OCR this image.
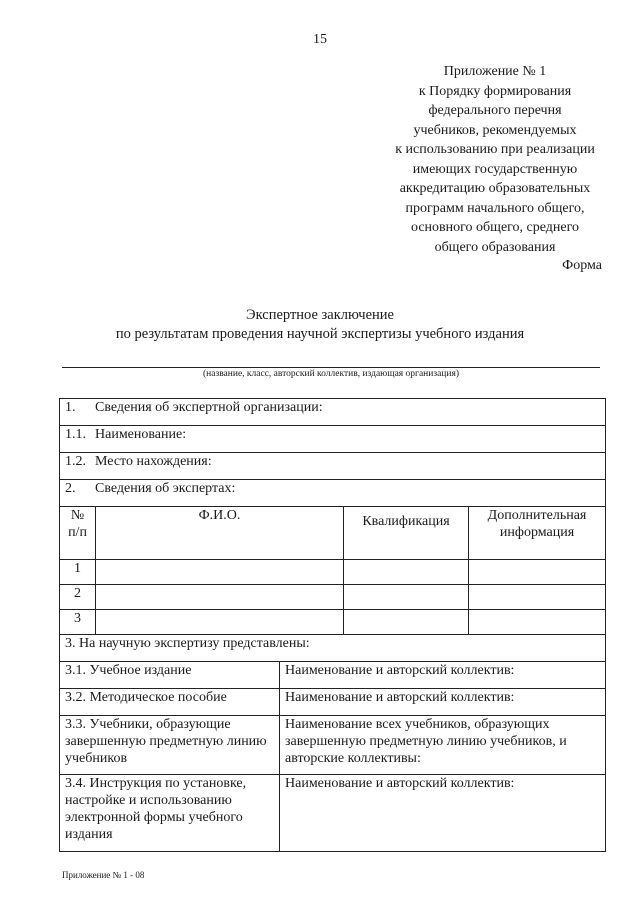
15
Приложение № 1
к Порядку формирования
федерального перечня
учебников, рекомендуемых
к использованию при реализации
имеющих государственную
аккредитацию образовательных
программ начального общего,
основного общего, среднего
общего образования
Форма
Экспертное заключение
по результатам проведения научной экспертизы учебного издания
(название, класс, авторский коллектив, издающая организация)
1. Сведения об экспертной организации:				
1.1. Наименование:				
1.2. Место нахождения:				
2. Сведения об экспертах:				
№ п/п	Ф.И.О.		Квалификация	Дополнительная информация
1				
2				
3				
3. На научную экспертизу представлены:				
3.1. Учебное издание		Наименование и авторский коллектив:		
3.2. Методическое пособие		Наименование и авторский коллектив:		
3.3. Учебники, образующие завершенную предметную линию учебников		Наименование всех учебников, образующих завершенную предметную линию учебников, и авторские коллективы:		
3.4. Инструкция по установке, настройке и использованию электронной формы учебного издания		Наименование и авторский коллектив:		
Приложение № 1 - 08
